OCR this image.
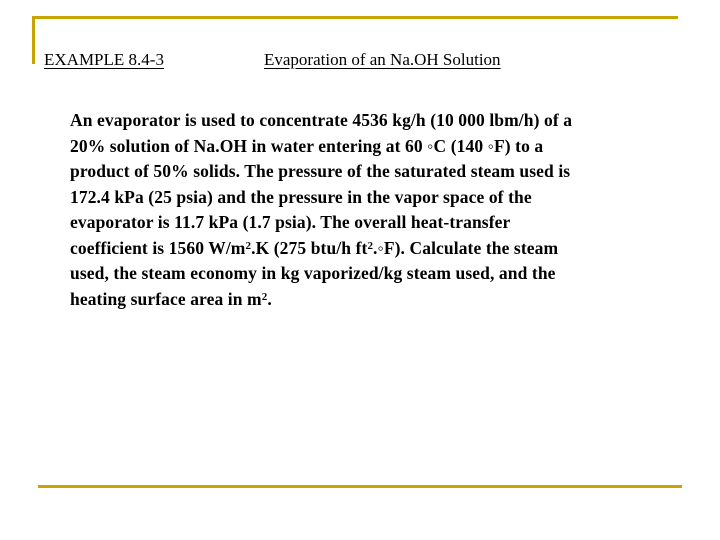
EXAMPLE 8.4-3	Evaporation of an Na.OH Solution
An evaporator is used to concentrate 4536 kg/h (10 000 lbm/h) of a
20% solution of Na.OH in water entering at 60 ◦C (140 ◦F) to a
product of 50% solids. The pressure of the saturated steam used is
172.4 kPa (25 psia) and the pressure in the vapor space of the
evaporator is 11.7 kPa (1.7 psia). The overall heat-transfer
coefficient is 1560 $W/m^2.K$ (275 btu/h $ft^2.◦F$). Calculate the steam
used, the steam economy in kg vaporized/kg steam used, and the
heating surface area in $m^2$.
